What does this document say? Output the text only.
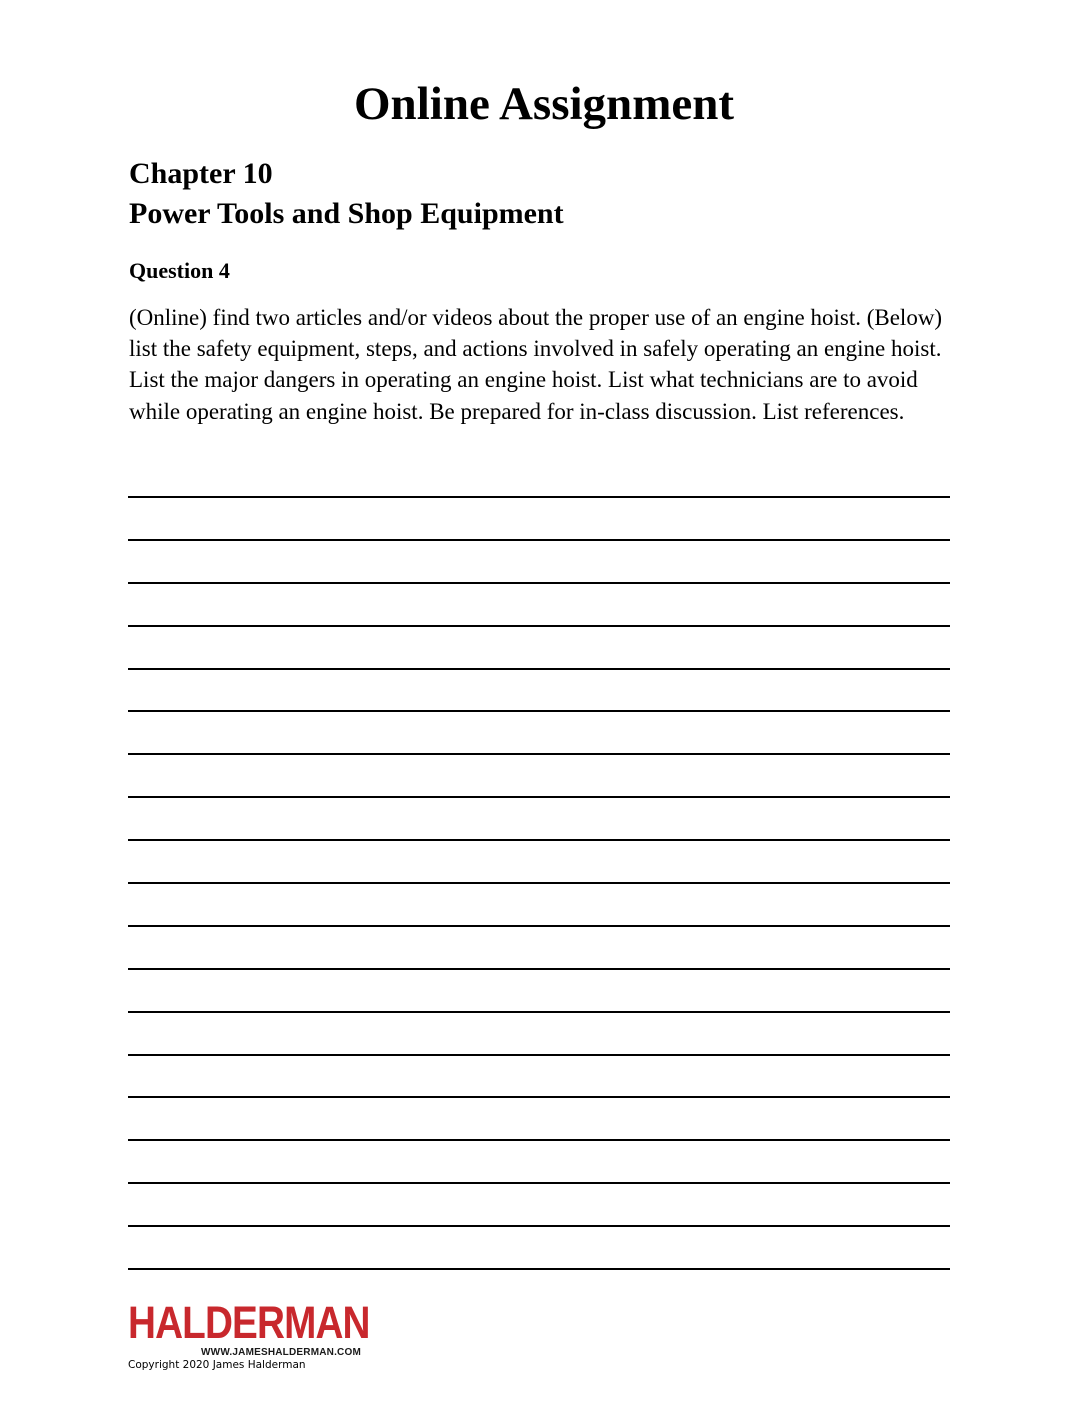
Online Assignment
Chapter 10
Power Tools and Shop Equipment
Question 4

(Online) find two articles and/or videos about the proper use of an engine hoist. (Below) list the safety equipment, steps, and actions involved in safely operating an engine hoist. List the major dangers in operating an engine hoist. List what technicians are to avoid while operating an engine hoist. Be prepared for in-class discussion. List references.

HALDERMAN
WWW.JAMESHALDERMAN.COM
Copyright 2020 James Halderman
